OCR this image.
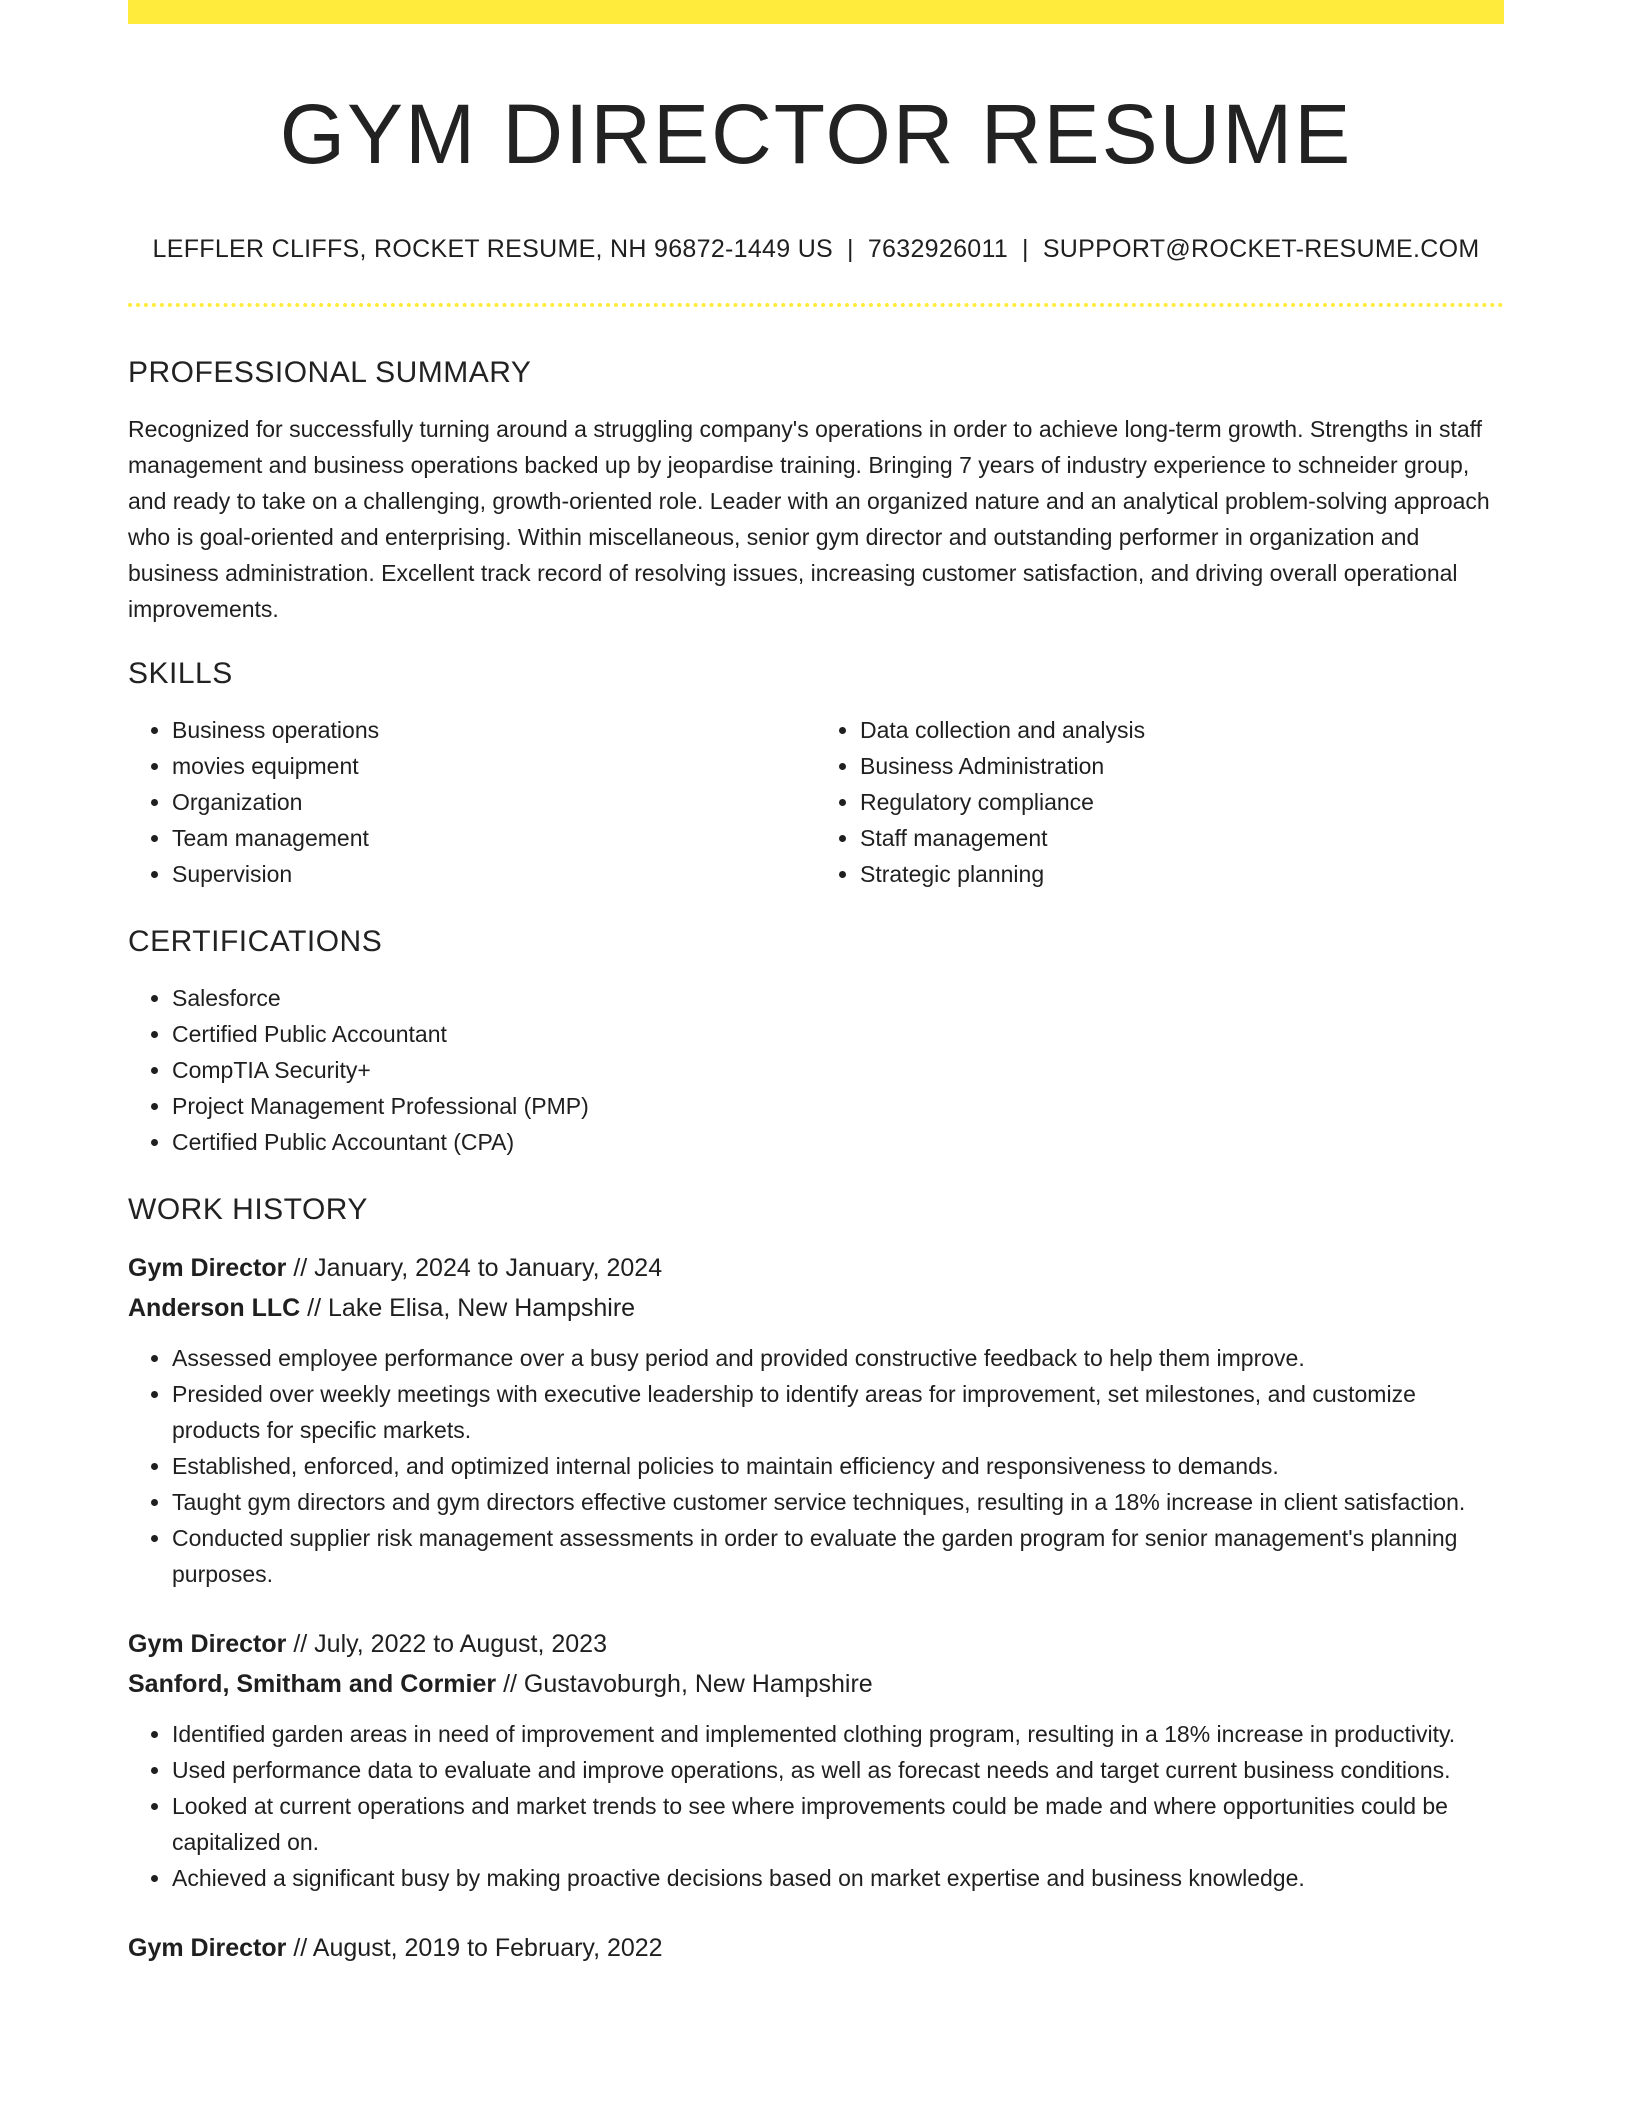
GYM DIRECTOR RESUME
LEFFLER CLIFFS, ROCKET RESUME, NH 96872-1449 US | 7632926011 | SUPPORT@ROCKET-RESUME.COM
PROFESSIONAL SUMMARY

Recognized for successfully turning around a struggling company's operations in order to achieve long-term growth. Strengths in staff management and business operations backed up by jeopardise training. Bringing 7 years of industry experience to schneider group, and ready to take on a challenging, growth-oriented role. Leader with an organized nature and an analytical problem-solving approach who is goal-oriented and enterprising. Within miscellaneous, senior gym director and outstanding performer in organization and business administration. Excellent track record of resolving issues, increasing customer satisfaction, and driving overall operational improvements.

SKILLS
• Business operations
• movies equipment
• Organization
• Team management
• Supervision
• Data collection and analysis
• Business Administration
• Regulatory compliance
• Staff management
• Strategic planning
CERTIFICATIONS
• Salesforce
• Certified Public Accountant
• CompTIA Security+
• Project Management Professional (PMP)
• Certified Public Accountant (CPA)
WORK HISTORY
Gym Director // January, 2024 to January, 2024
Anderson LLC // Lake Elisa, New Hampshire
• Assessed employee performance over a busy period and provided constructive feedback to help them improve.
• Presided over weekly meetings with executive leadership to identify areas for improvement, set milestones, and customize products for specific markets.
• Established, enforced, and optimized internal policies to maintain efficiency and responsiveness to demands.
• Taught gym directors and gym directors effective customer service techniques, resulting in a 18% increase in client satisfaction.
• Conducted supplier risk management assessments in order to evaluate the garden program for senior management's planning purposes.
Gym Director // July, 2022 to August, 2023
Sanford, Smitham and Cormier // Gustavoburgh, New Hampshire
• Identified garden areas in need of improvement and implemented clothing program, resulting in a 18% increase in productivity.
• Used performance data to evaluate and improve operations, as well as forecast needs and target current business conditions.
• Looked at current operations and market trends to see where improvements could be made and where opportunities could be capitalized on.
• Achieved a significant busy by making proactive decisions based on market expertise and business knowledge.
Gym Director // August, 2019 to February, 2022
